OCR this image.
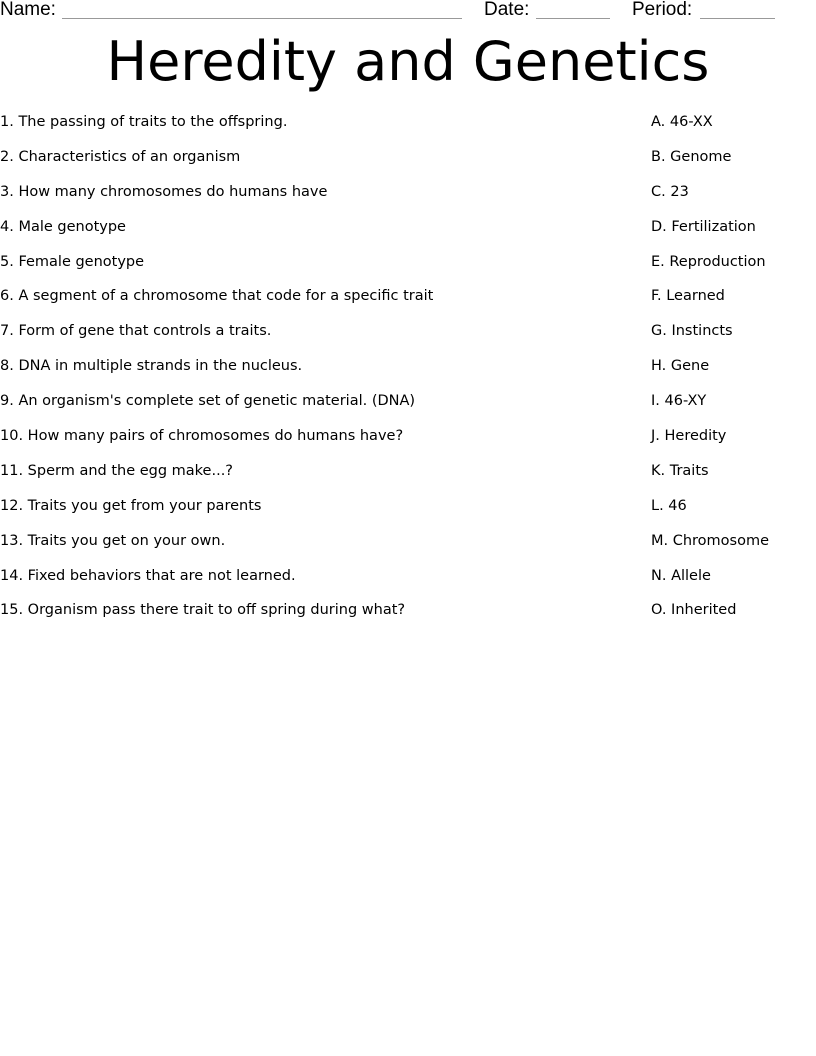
Name:	Date:	Period:
Heredity and Genetics
1. The passing of traits to the offspring.	A. 46-XX
2. Characteristics of an organism	B. Genome
3. How many chromosomes do humans have	C. 23
4. Male genotype	D. Fertilization
5. Female genotype	E. Reproduction
6. A segment of a chromosome that code for a specific trait	F. Learned
7. Form of gene that controls a traits.	G. Instincts
8. DNA in multiple strands in the nucleus.	H. Gene
9. An organism's complete set of genetic material. (DNA)	I. 46-XY
10. How many pairs of chromosomes do humans have?	J. Heredity
11. Sperm and the egg make...?	K. Traits
12. Traits you get from your parents	L. 46
13. Traits you get on your own.	M. Chromosome
14. Fixed behaviors that are not learned.	N. Allele
15. Organism pass there trait to off spring during what?	O. Inherited
